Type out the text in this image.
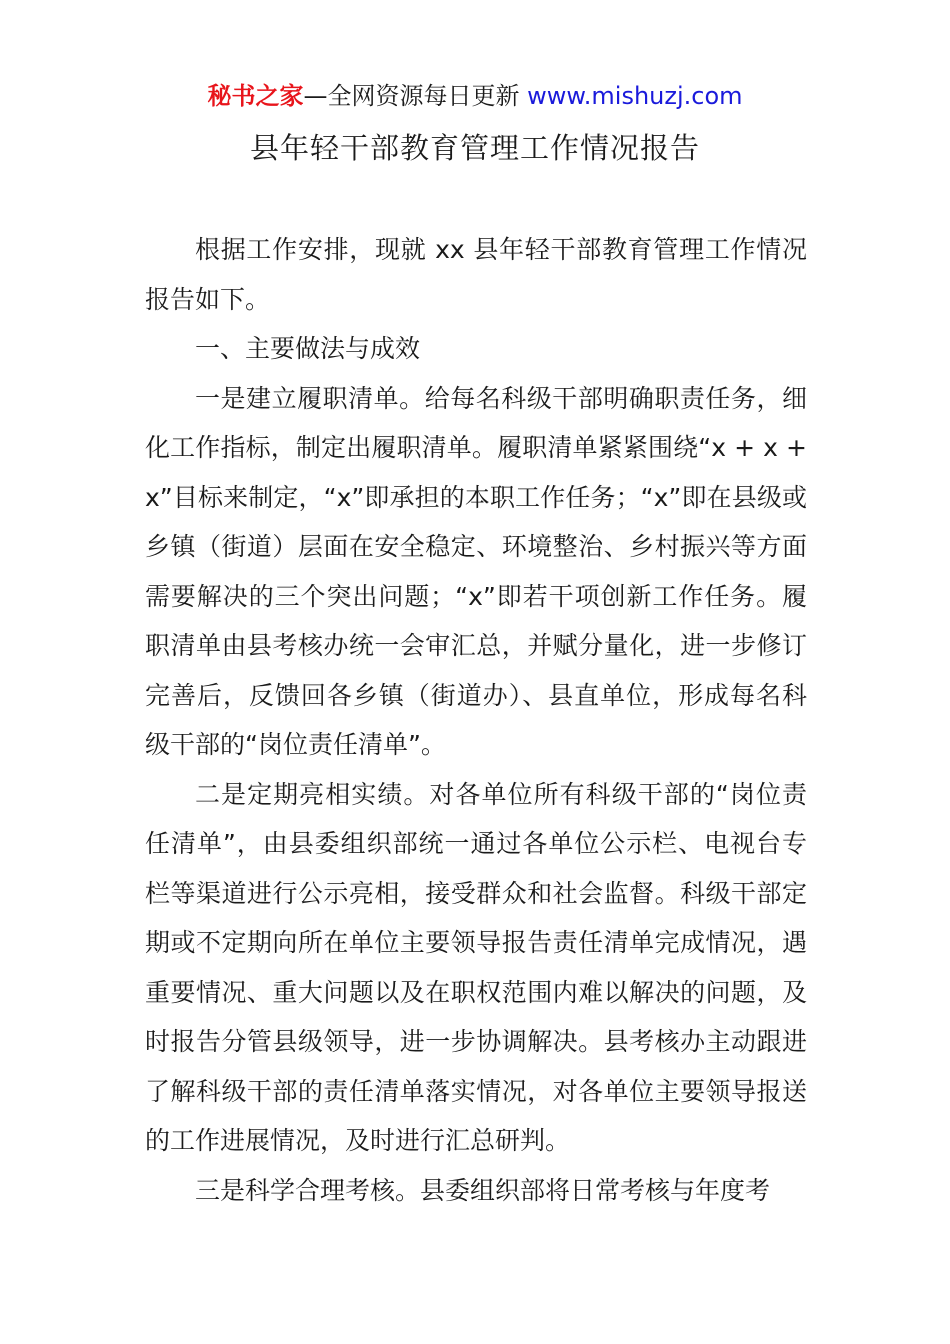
秘书之家—全网资源每日更新 www.mishuzj.com
县年轻干部教育管理工作情况报告

根据工作安排，现就 xx 县年轻干部教育管理工作情况报告如下。

一、主要做法与成效

一是建立履职清单。给每名科级干部明确职责任务，细化工作指标，制定出履职清单。履职清单紧紧围绕“x + x + x”目标来制定，“x”即承担的本职工作任务；“x”即在县级或乡镇（街道）层面在安全稳定、环境整治、乡村振兴等方面需要解决的三个突出问题；“x”即若干项创新工作任务。履职清单由县考核办统一会审汇总，并赋分量化，进一步修订完善后，反馈回各乡镇（街道办）、县直单位，形成每名科级干部的“岗位责任清单”。

二是定期亮相实绩。对各单位所有科级干部的“岗位责任清单”，由县委组织部统一通过各单位公示栏、电视台专栏等渠道进行公示亮相，接受群众和社会监督。科级干部定期或不定期向所在单位主要领导报告责任清单完成情况，遇重要情况、重大问题以及在职权范围内难以解决的问题，及时报告分管县级领导，进一步协调解决。县考核办主动跟进了解科级干部的责任清单落实情况，对各单位主要领导报送的工作进展情况，及时进行汇总研判。

三是科学合理考核。县委组织部将日常考核与年度考
